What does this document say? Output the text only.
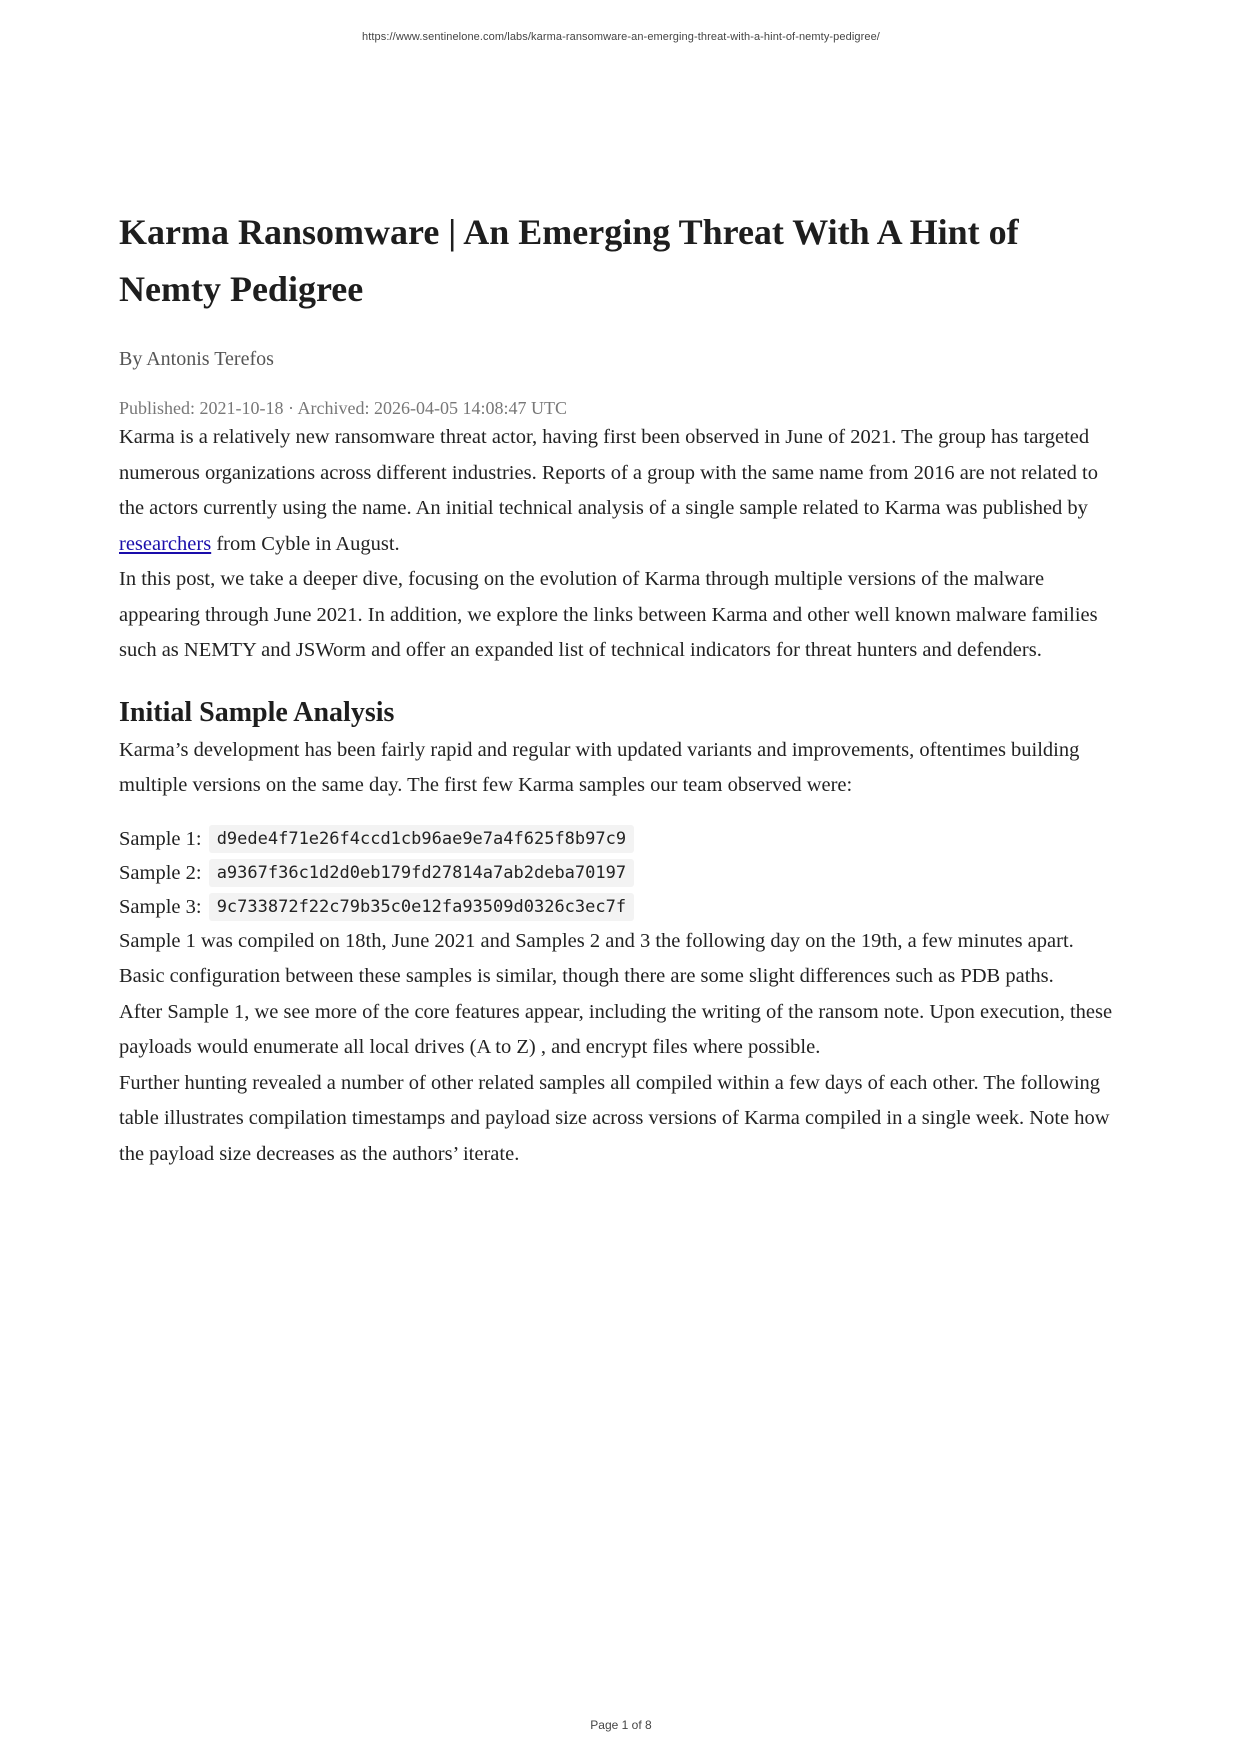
https://www.sentinelone.com/labs/karma-ransomware-an-emerging-threat-with-a-hint-of-nemty-pedigree/
Karma Ransomware | An Emerging Threat With A Hint of Nemty Pedigree
By Antonis Terefos
Published: 2021-10-18 · Archived: 2026-04-05 14:08:47 UTC

Karma is a relatively new ransomware threat actor, having first been observed in June of 2021. The group has targeted numerous organizations across different industries. Reports of a group with the same name from 2016 are not related to the actors currently using the name. An initial technical analysis of a single sample related to Karma was published by researchers from Cyble in August.

In this post, we take a deeper dive, focusing on the evolution of Karma through multiple versions of the malware appearing through June 2021. In addition, we explore the links between Karma and other well known malware families such as NEMTY and JSWorm and offer an expanded list of technical indicators for threat hunters and defenders.

Initial Sample Analysis

Karma’s development has been fairly rapid and regular with updated variants and improvements, oftentimes building multiple versions on the same day. The first few Karma samples our team observed were:

Sample 1: d9ede4f71e26f4ccd1cb96ae9e7a4f625f8b97c9
Sample 2: a9367f36c1d2d0eb179fd27814a7ab2deba70197
Sample 3: 9c733872f22c79b35c0e12fa93509d0326c3ec7f

Sample 1 was compiled on 18th, June 2021 and Samples 2 and 3 the following day on the 19th, a few minutes apart. Basic configuration between these samples is similar, though there are some slight differences such as PDB paths.

After Sample 1, we see more of the core features appear, including the writing of the ransom note. Upon execution, these payloads would enumerate all local drives (A to Z) , and encrypt files where possible.

Further hunting revealed a number of other related samples all compiled within a few days of each other. The following table illustrates compilation timestamps and payload size across versions of Karma compiled in a single week. Note how the payload size decreases as the authors’ iterate.

Page 1 of 8
